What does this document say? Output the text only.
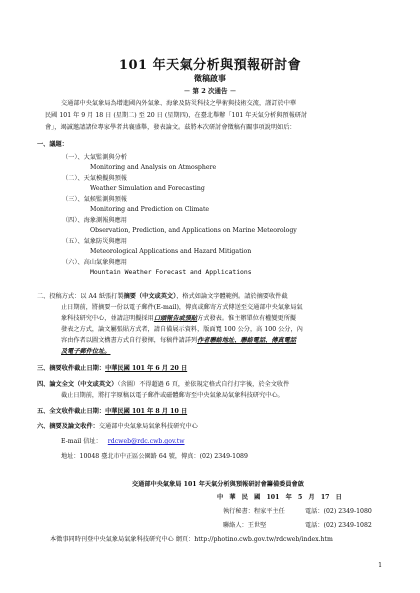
101 年天氣分析與預報研討會
徵稿啟事
－ 第 2 次通告 －
交通部中央氣象局為增進國內外氣象、海象及防災科技之學術與技術交流，謹訂於中華
民國 101 年 9 月 18 日 (星期二) 至 20 日 (星期四)，在臺北舉辦「101 年天氣分析與預報研討
會」，竭誠邀請諸位專家學者共襄盛舉，發表論文。茲將本次研討會徵稿有關事項說明如后：
一、議題：
（一）、大氣監測與分析
Monitoring and Analysis on Atmosphere
（二）、天氣模擬與預報
Weather Simulation and Forecasting
（三）、氣候監測與預報
Monitoring and Prediction on Climate
（四）、海象測報與應用
Observation, Prediction, and Applications on Marine Meteorology
（五）、氣象防災與應用
Meteorological Applications and Hazard Mitigation
（六）、高山氣象與應用
Mountain Weather Forecast and Applications
二、投稿方式：以 A4 紙張打製摘要（中文或英文），格式如論文字體範例。請於摘要收件截
止日期前，將摘要一份以電子郵件(E-mail)，傳真或郵寄方式傳送至交通部中央氣象局氣
象科技研究中心，並請註明擬採用口頭報告或張貼方式發表。惟主辦單位有權變更所擬
發表之方式，論文屬張貼方式者，請自備展示資料，版面寬 100 公分，高 100 公分，內
容由作者以圖文構書方式自行發揮，每稿件請詳列作者聯絡地址、聯絡電話、傳真電話
及電子郵件位址。
三、摘要收件截止日期：中華民國 101 年 6 月 20 日
四、論文全文（中文或英文）（含圖）不得超過 6 頁，並依規定格式自行打字後，於全文收件
截止日期前，將打字原稿以電子郵件或磁體郵寄至中央氣象局氣象科技研究中心。
五、全文收件截止日期：中華民國 101 年 8 月 10 日
六、摘要及論文收件：交通部中央氣象局氣象科技研究中心
E-mail 信址： rdcweb@rdc.cwb.gov.tw
地址：10048 臺北市中正區公園路 64 號，傳真：(02) 2349-1089
交通部中央氣象局 101 年天氣分析與預報研討會籌備委員會啟
中　華　民　國　101　年　5　月　17　日
執行秘書：程家平主任	電話：(02) 2349-1080
聯絡人：王世堅	電話：(02) 2349-1082
本徵事同時刊登中央氣象局氣象科技研究中心 網頁：http://photino.cwb.gov.tw/rdcweb/index.htm
1
